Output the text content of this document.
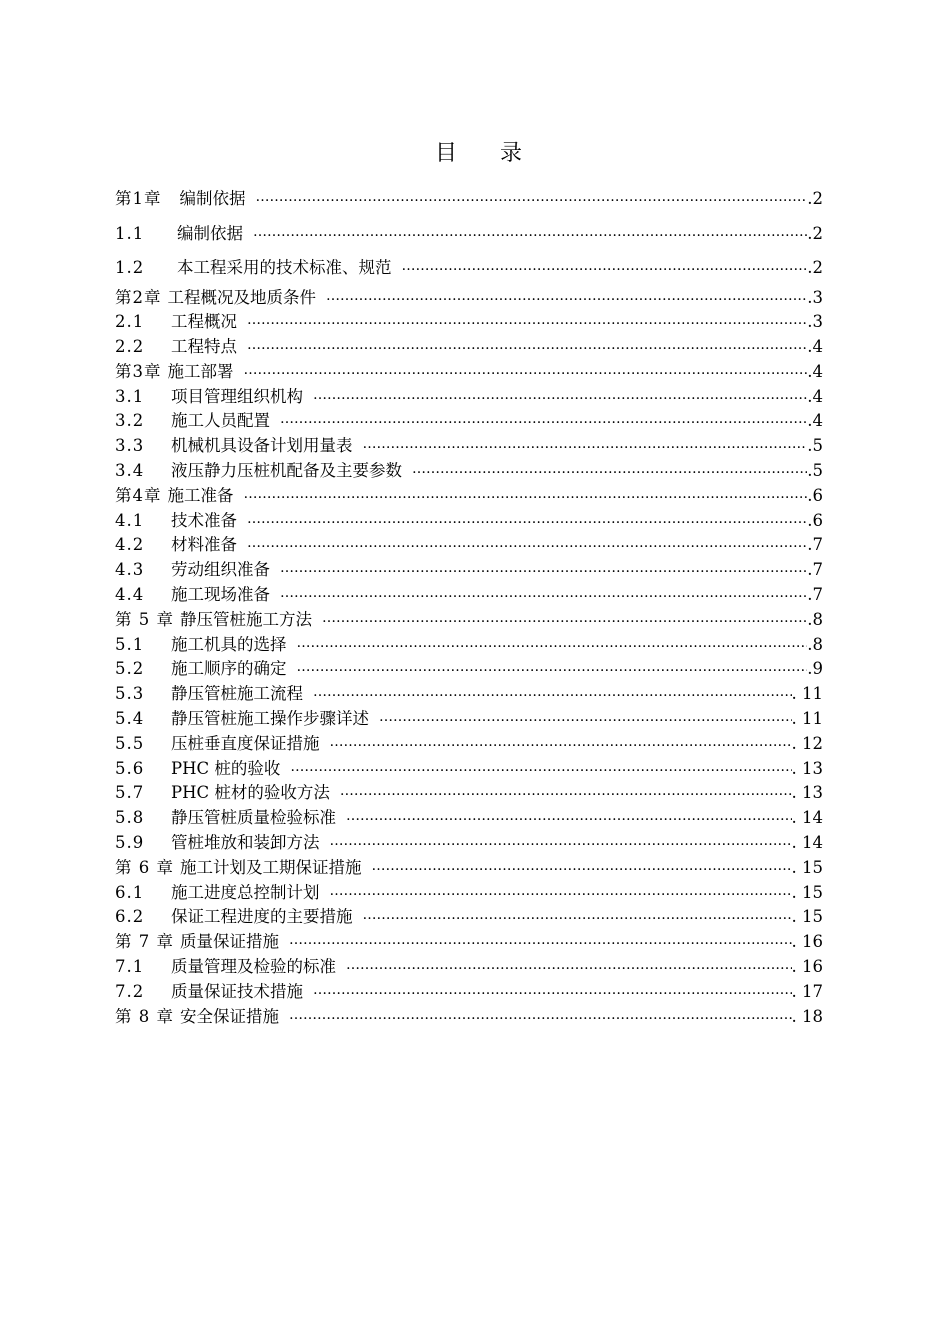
目 录
第1章 编制依据 ……………………………………………………………………………………………………………………………………………………………………………………………	.2
1.1	编制依据 ……………………………………………………………………………………………………………………………………………………………………………………………	.2
1.2	本工程采用的技术标准、规范 ……………………………………………………………………………………………………………………………………………………………………………………………	.2
第2章 工程概况及地质条件 ……………………………………………………………………………………………………………………………………………………………………………………………	.3
2.1	工程概况 ……………………………………………………………………………………………………………………………………………………………………………………………	.3
2.2	工程特点 ……………………………………………………………………………………………………………………………………………………………………………………………	.4
第3章 施工部署 ……………………………………………………………………………………………………………………………………………………………………………………………	.4
3.1	项目管理组织机构 ……………………………………………………………………………………………………………………………………………………………………………………………	.4
3.2	施工人员配置 ……………………………………………………………………………………………………………………………………………………………………………………………	.4
3.3	机械机具设备计划用量表 ……………………………………………………………………………………………………………………………………………………………………………………………	.5
3.4	液压静力压桩机配备及主要参数 ……………………………………………………………………………………………………………………………………………………………………………………………	.5
第4章 施工准备 ……………………………………………………………………………………………………………………………………………………………………………………………	.6
4.1	技术准备 ……………………………………………………………………………………………………………………………………………………………………………………………	.6
4.2	材料准备 ……………………………………………………………………………………………………………………………………………………………………………………………	.7
4.3	劳动组织准备 ……………………………………………………………………………………………………………………………………………………………………………………………	.7
4.4	施工现场准备 ……………………………………………………………………………………………………………………………………………………………………………………………	.7
第 5 章 静压管桩施工方法 ……………………………………………………………………………………………………………………………………………………………………………………………	.8
5.1	施工机具的选择 ……………………………………………………………………………………………………………………………………………………………………………………………	.8
5.2	施工顺序的确定 ……………………………………………………………………………………………………………………………………………………………………………………………	.9
5.3	静压管桩施工流程 ……………………………………………………………………………………………………………………………………………………………………………………………	. 11
5.4	静压管桩施工操作步骤详述 ……………………………………………………………………………………………………………………………………………………………………………………………	. 11
5.5	压桩垂直度保证措施 ……………………………………………………………………………………………………………………………………………………………………………………………	. 12
5.6	PHC 桩的验收 ……………………………………………………………………………………………………………………………………………………………………………………………	. 13
5.7	PHC 桩材的验收方法 ……………………………………………………………………………………………………………………………………………………………………………………………	. 13
5.8	静压管桩质量检验标准 ……………………………………………………………………………………………………………………………………………………………………………………………	. 14
5.9	管桩堆放和装卸方法 ……………………………………………………………………………………………………………………………………………………………………………………………	. 14
第 6 章 施工计划及工期保证措施 ……………………………………………………………………………………………………………………………………………………………………………………………	. 15
6.1	施工进度总控制计划 ……………………………………………………………………………………………………………………………………………………………………………………………	. 15
6.2	保证工程进度的主要措施 ……………………………………………………………………………………………………………………………………………………………………………………………	. 15
第 7 章 质量保证措施 ……………………………………………………………………………………………………………………………………………………………………………………………	. 16
7.1	质量管理及检验的标准 ……………………………………………………………………………………………………………………………………………………………………………………………	. 16
7.2	质量保证技术措施 ……………………………………………………………………………………………………………………………………………………………………………………………	. 17
第 8 章 安全保证措施 ……………………………………………………………………………………………………………………………………………………………………………………………	. 18
